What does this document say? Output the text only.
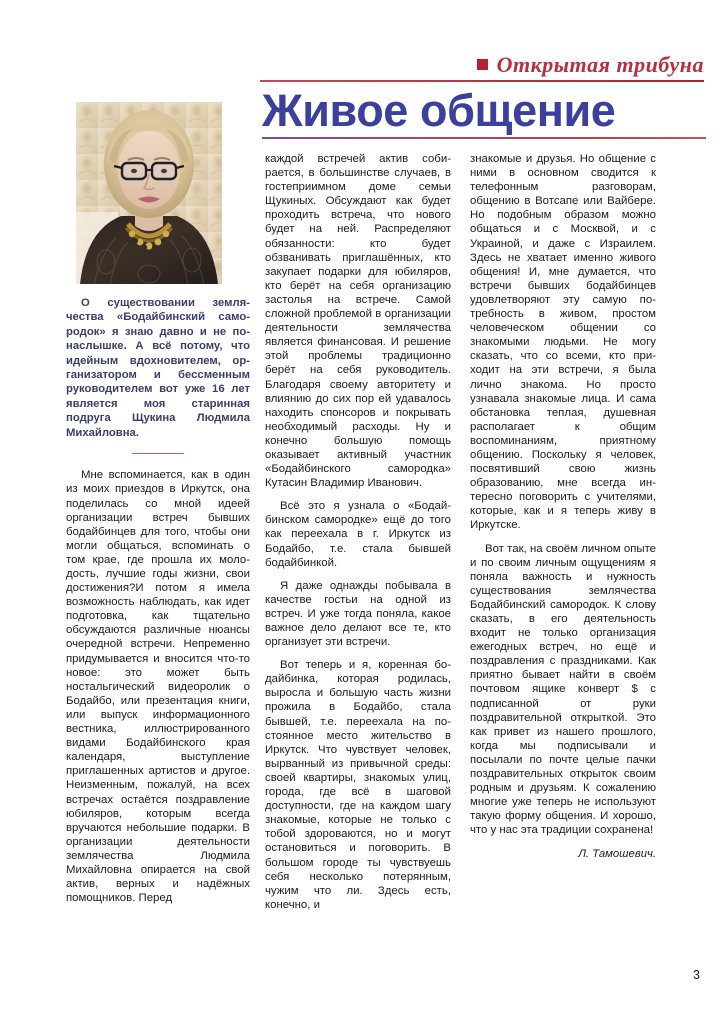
Открытая трибуна
Живое общение

О существовании землячества «Бодайбинский самородок» я знаю давно и не понаслышке. А всё потому, что идейным вдохновителем, организатором и бессменным руководителем вот уже 16 лет является моя старинная подруга Щукина Людмила Михайловна.

Мне вспоминается, как в один из моих приездов в Иркутск, она поделилась со мной идеей организации встреч бывших бодайбинцев для того, чтобы они могли общаться, вспоминать о том крае, где прошла их молодость, лучшие годы жизни, свои достижения?И потом я имела возможность наблюдать, как идет подготовка, как тщательно обсуждаются различные нюансы очередной встречи. Непременно придумывается и вносится что-то новое: это может быть ностальгический видеоролик о Бодайбо, или презентация книги, или выпуск информационного вестника, иллюстрированного видами Бодайбинского края календаря, выступление приглашенных артистов и другое. Неизменным, пожалуй, на всех встречах остаётся поздравление юбиляров, которым всегда вручаются небольшие подарки. В организации деятельности землячества Людмила Михайловна опирается на свой актив, верных и надёжных помощников. Перед

каждой встречей актив собирается, в большинстве случаев, в гостеприимном доме семьи Щукиных. Обсуждают как будет проходить встреча, что нового будет на ней. Распределяют обязанности: кто будет обзванивать приглашённых, кто закупает подарки для юбиляров, кто берёт на себя организацию застолья на встрече. Самой сложной проблемой в организации деятельности землячества является финансовая. И решение этой проблемы традиционно берёт на себя руководитель. Благодаря своему авторитету и влиянию до сих пор ей удавалось находить спонсоров и покрывать необходимый расходы. Ну и конечно большую помощь оказывает активный участник «Бодайбинского самородка» Кутасин Владимир Иванович.

Всё это я узнала о «Бодайбинском самородке» ещё до того как переехала в г. Иркутск из Бодайбо, т.е. стала бывшей бодайбинкой.

Я даже однажды побывала в качестве гостьи на одной из встреч. И уже тогда поняла, какое важное дело делают все те, кто организует эти встречи.

Вот теперь и я, коренная бодайбинка, которая родилась, выросла и большую часть жизни прожила в Бодайбо, стала бывшей, т.е. переехала на постоянное место жительство в Иркутск. Что чувствует человек, вырванный из привычной среды: своей квартиры, знакомых улиц, города, где всё в шаговой доступности, где на каждом шагу знакомые, которые не только с тобой здороваются, но и могут остановиться и поговорить. В большом городе ты чувствуешь себя несколько потерянным, чужим что ли. Здесь есть, конечно, и

знакомые и друзья. Но общение с ними в основном сводится к телефонным разговорам, общению в Вотсапе или Вайбере. Но подобным образом можно общаться и с Москвой, и с Украиной, и даже с Израилем. Здесь не хватает именно живого общения! И, мне думается, что встречи бывших бодайбинцев удовлетворяют эту самую потребность в живом, простом человеческом общении со знакомыми людьми. Не могу сказать, что со всеми, кто приходит на эти встречи, я была лично знакома. Но просто узнавала знакомые лица. И сама обстановка теплая, душевная располагает к общим воспоминаниям, приятному общению. Поскольку я человек, посвятивший свою жизнь образованию, мне всегда интересно поговорить с учителями, которые, как и я теперь живу в Иркутске.

Вот так, на своём личном опыте и по своим личным ощущениям я поняла важность и нужность существования землячества Бодайбинский самородок. К слову сказать, в его деятельность входит не только организация ежегодных встреч, но ещё и поздравления с праздниками. Как приятно бывает найти в своём почтовом ящике конверт $ с подписанной от руки поздравительной открыткой. Это как привет из нашего прошлого, когда мы подписывали и посылали по почте целые пачки поздравительных открыток своим родным и друзьям. К сожалению многие уже теперь не используют такую форму общения. И хорошо, что у нас эта традиции сохранена!

Л. Тамошевич.

3
